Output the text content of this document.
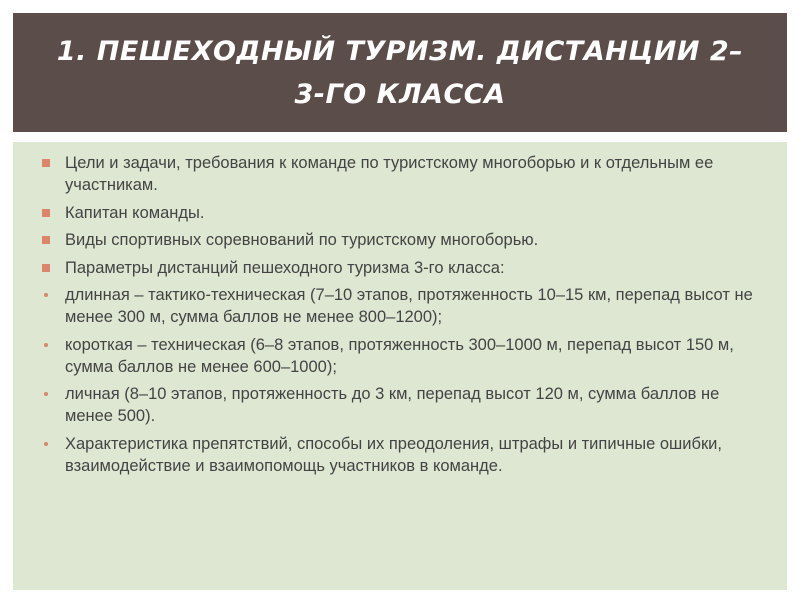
1. ПЕШЕХОДНЫЙ ТУРИЗМ. ДИСТАНЦИИ 2–3-ГО КЛАССА
Цели и задачи, требования к команде по туристскому многоборью и к отдельным ее участникам.
Капитан команды.
Виды спортивных соревнований по туристскому многоборью.
Параметры дистанций пешеходного туризма 3-го класса:
длинная – тактико-техническая (7–10 этапов, протяженность 10–15 км, перепад высот не менее 300 м, сумма баллов не менее 800–1200);
короткая – техническая (6–8 этапов, протяженность 300–1000 м, перепад высот 150 м, сумма баллов не менее 600–1000);
личная (8–10 этапов, протяженность до 3 км, перепад высот 120 м, сумма баллов не менее 500).
Характеристика препятствий, способы их преодоления, штрафы и типичные ошибки, взаимодействие и взаимопомощь участников в команде.
